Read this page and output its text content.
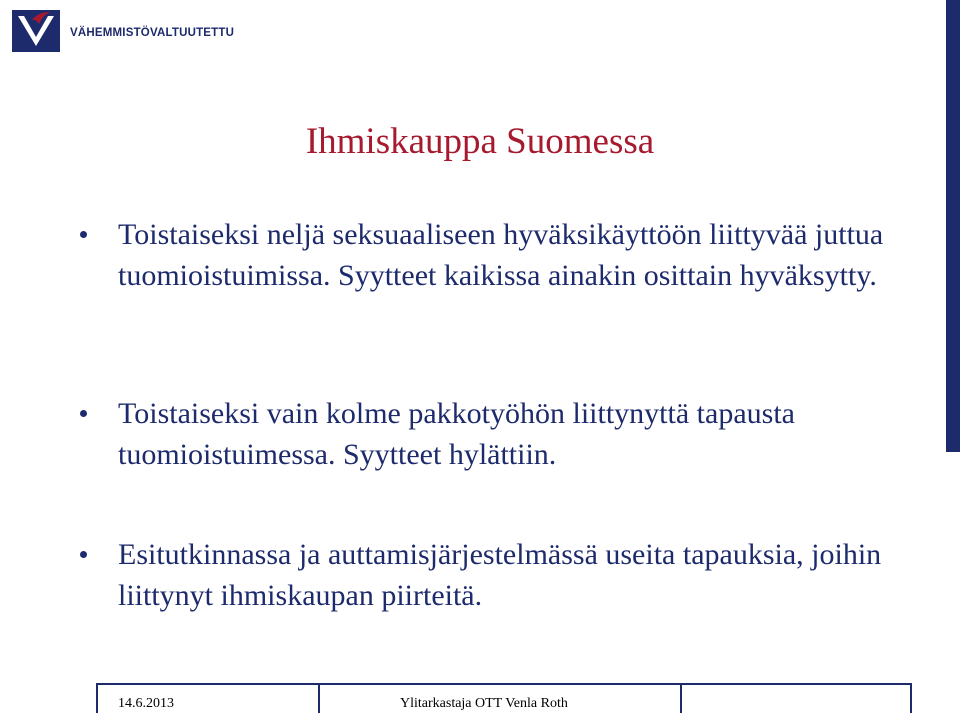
VÄHEMMISTÖVALTUUTETTU
Ihmiskauppa Suomessa
Toistaiseksi neljä seksuaaliseen hyväksikäyttöön liittyvää juttua tuomioistuimissa. Syytteet kaikissa ainakin osittain hyväksytty.
Toistaiseksi vain kolme pakkotyöhön liittynyttä tapausta tuomioistuimessa. Syytteet hylättiin.
Esitutkinnassa ja auttamisjärjestelmässä useita tapauksia, joihin liittynyt ihmiskaupan piirteitä.
14.6.2013	Ylitarkastaja OTT Venla Roth
